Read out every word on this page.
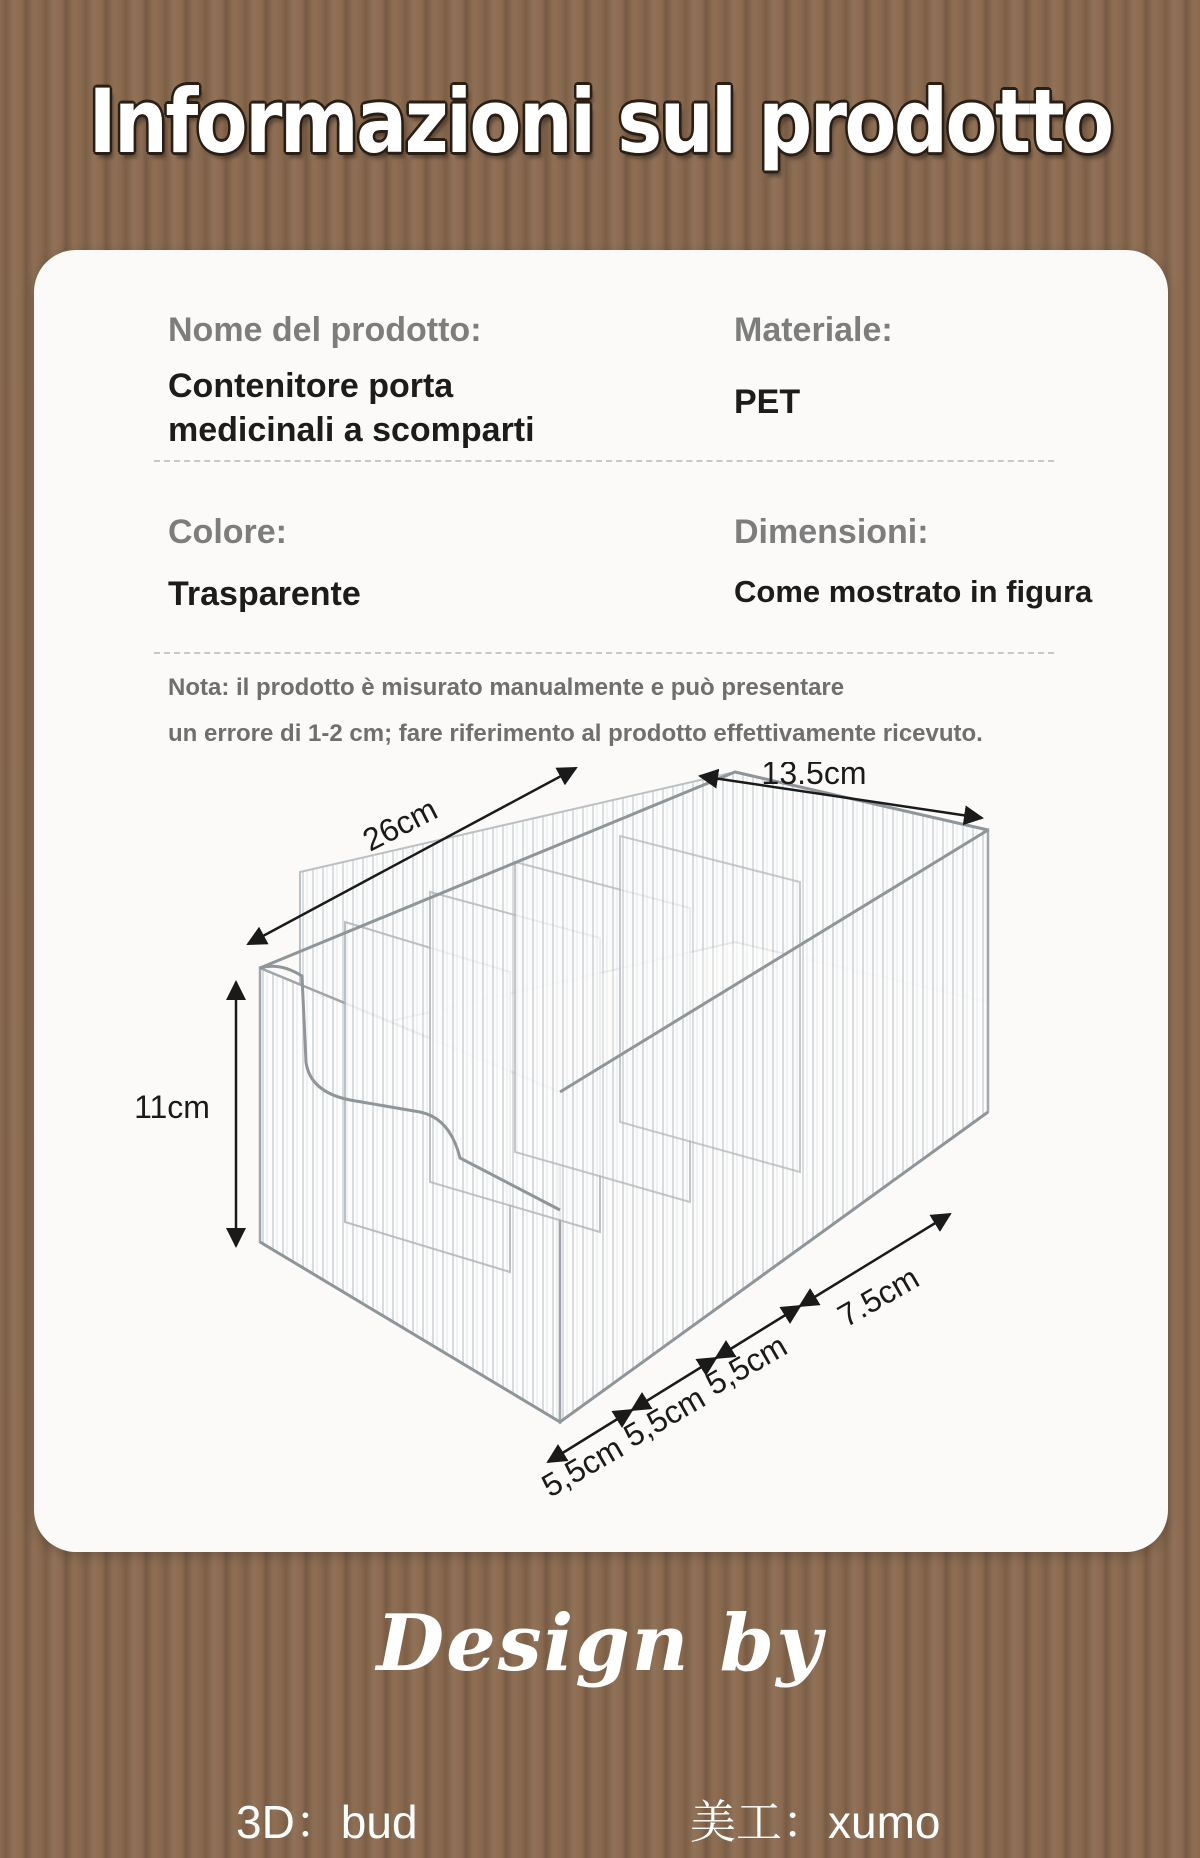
Informazioni sul prodotto
Nome del prodotto:
Contenitore porta
medicinali a scomparti
Materiale:
PET
Colore:
Trasparente
Dimensioni:
Come mostrato in figura
Nota: il prodotto è misurato manualmente e può presentare
un errore di 1-2 cm; fare riferimento al prodotto effettivamente ricevuto.
26cm
13.5cm
11cm
5,5cm
5,5cm
5,5cm
7.5cm
Design by
3D：bud	美工：xumo
